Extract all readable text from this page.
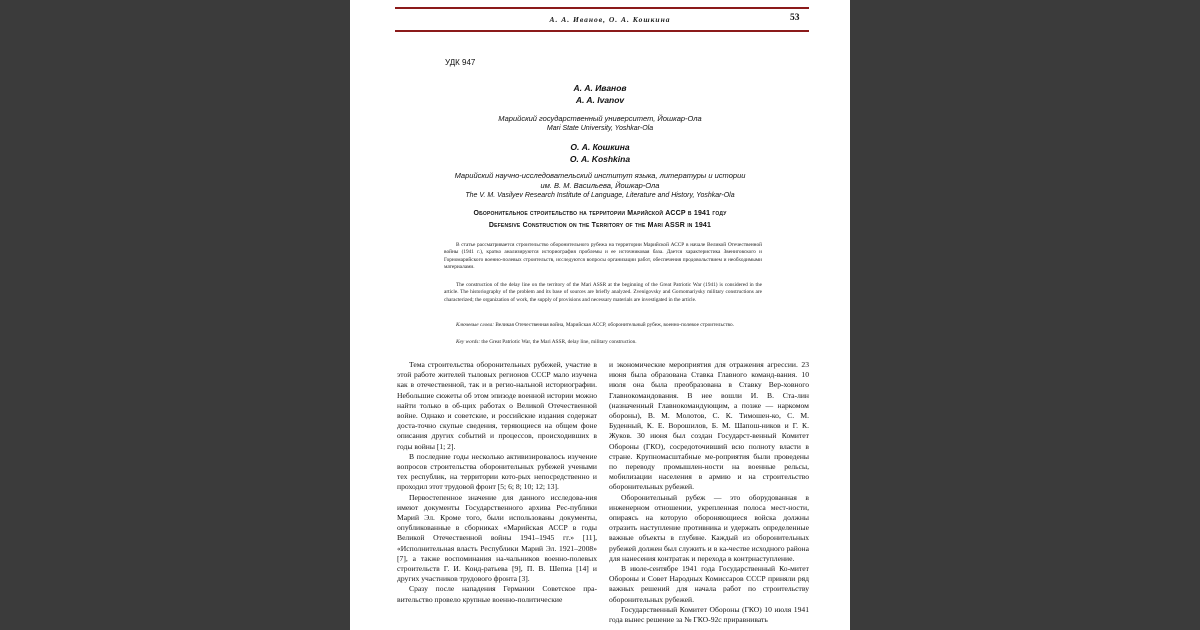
А. А. Иванов, О. А. Кошкина	53
УДК 947
А. А. Иванов
A. A. Ivanov
Марийский государственный университет, Йошкар-Ола
Mari State University, Yoshkar-Ola
О. А. Кошкина
O. A. Koshkina
Марийский научно-исследовательский институт языка, литературы и истории
им. В. М. Васильева, Йошкар-Ола
The V. M. Vasilyev Research Institute of Language, Literature and History, Yoshkar-Ola
Оборонительное строительство на территории Марийской АССР в 1941 году
Defensive Construction on the Territory of the Mari ASSR in 1941
В статье рассматривается строительство оборонительного рубежа на территории Марийской АССР в начале Великой Отечественной войны (1941 г.), кратко анализируются историография проблемы и ее источниковая база. Дается характеристика Звениговского и Горномарийского военно-полевых строительств, исследуются вопросы организации работ, обеспечения продовольствием и необходимыми материалами.
The construction of the delay line on the territory of the Mari ASSR at the beginning of the Great Patriotic War (1941) is considered in the article. The historiography of the problem and its base of sources are briefly analyzed. Zvenigovsky and Gornomariysky military constructions are characterized; the organization of work, the supply of provisions and necessary materials are investigated in the article.
Ключевые слова: Великая Отечественная война, Марийская АССР, оборонительный рубеж, военно-полевое строительство.
Key words: the Great Patriotic War, the Mari ASSR, delay line, military construction.

Тема строительства оборонительных рубежей, участие в этой работе жителей тыловых регионов СССР мало изучена как в отечественной, так и в регио-нальной историографии. Небольшие сюжеты об этом эпизоде военной истории можно найти только в об-щих работах о Великой Отечественной войне. Однако и советские, и российские издания содержат доста-точно скупые сведения, теряющиеся на общем фоне описания других событий и процессов, происходивших в годы войны [1; 2].

В последние годы несколько активизировалось изучение вопросов строительства оборонительных рубежей учеными тех республик, на территории кото-рых непосредственно и проходил этот трудовой фронт [5; 6; 8; 10; 12; 13].

Первостепенное значение для данного исследова-ния имеют документы Государственного архива Рес-публики Марий Эл. Кроме того, были использованы документы, опубликованные в сборниках «Марийская АССР в годы Великой Отечественной войны 1941–1945 гг.» [11], «Исполнительная власть Республики Марий Эл. 1921–2008» [7], а также воспоминания на-чальников военно-полевых строительств Г. И. Конд-ратьева [9], П. В. Шепиа [14] и других участников трудового фронта [3].

Сразу после нападения Германии Советское пра-вительство провело крупные военно-политические

и экономические мероприятия для отражения агрессии. 23 июня была образована Ставка Главного команд-вания. 10 июля она была преобразована в Ставку Вер-ховного Главнокомандования. В нее вошли И. В. Ста-лин (назначенный Главнокомандующим, а позже — наркомом обороны), В. М. Молотов, С. К. Тимошен-ко, С. М. Буденный, К. Е. Ворошилов, Б. М. Шапош-ников и Г. К. Жуков. 30 июня был создан Государст-венный Комитет Обороны (ГКО), сосредоточивший всю полноту власти в стране. Крупномасштабные ме-роприятия были проведены по переводу промышлен-ности на военные рельсы, мобилизации населения в армию и на строительство оборонительных рубежей.

Оборонительный рубеж — это оборудованная в инженерном отношении, укрепленная полоса мест-ности, опираясь на которую обороняющиеся войска должны отразить наступление противника и удержать определенные важные объекты в глубине. Каждый из оборонительных рубежей должен был служить и в ка-честве исходного района для нанесения контратак и перехода в контрнаступление.

В июле-сентябре 1941 года Государственный Ко-митет Обороны и Совет Народных Комиссаров СССР приняли ряд важных решений для начала работ по строительству оборонительных рубежей.

Государственный Комитет Обороны (ГКО) 10 июля 1941 года вынес решение за № ГКО-92с приравнивать
